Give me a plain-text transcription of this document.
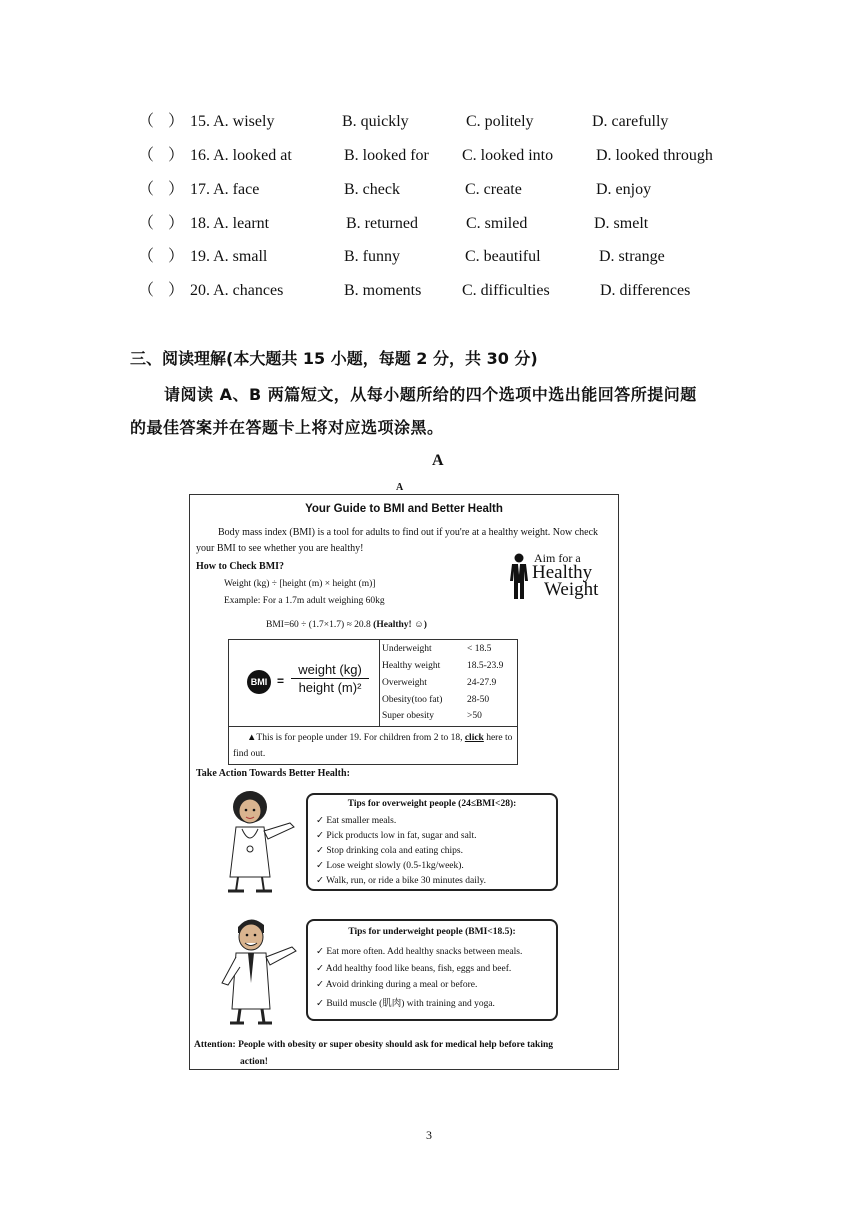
（ ） 15. A. wisely	B. quickly	C. politely	D. carefully
（ ） 16. A. looked at	B. looked for C. looked into	D. looked through
（ ） 17. A. face	B. check	C. create	D. enjoy
（ ） 18. A. learnt	B. returned	C. smiled	D. smelt
（ ） 19. A. small	B. funny	C. beautiful	D. strange
（ ） 20. A. chances	B. moments	C. difficulties	D. differences
三、阅读理解(本大题共 15 小题，每题 2 分，共 30 分)
请阅读 A、B 两篇短文，从每小题所给的四个选项中选出能回答所提问题
的最佳答案并在答题卡上将对应选项涂黑。
A
A
Your Guide to BMI and Better Health
Body mass index (BMI) is a tool for adults to find out if you're at a healthy weight. Now check your BMI to see whether you are healthy!
How to Check BMI?
Weight (kg) ÷ [height (m) × height (m)]
Example: For a 1.7m adult weighing 60kg
BMI=60 ÷ (1.7×1.7) ≈ 20.8 (Healthy! ☺)
Aim for a
Healthy
Weight
BMI =
weight (kg)
height (m)²
Underweight	< 18.5
Healthy weight	18.5-23.9
Overweight	24-27.9
Obesity(too fat)	28-50
Super obesity	>50
▲This is for people under 19. For children from 2 to 18, click here to find out.
Take Action Towards Better Health:
Tips for overweight people (24≤BMI<28):
✓ Eat smaller meals.
✓ Pick products low in fat, sugar and salt.
✓ Stop drinking cola and eating chips.
✓ Lose weight slowly (0.5-1kg/week).
✓ Walk, run, or ride a bike 30 minutes daily.
Tips for underweight people (BMI<18.5):
✓ Eat more often. Add healthy snacks between meals.
✓ Add healthy food like beans, fish, eggs and beef.
✓ Avoid drinking during a meal or before.
✓ Build muscle (肌肉) with training and yoga.
Attention: People with obesity or super obesity should ask for medical help before taking
action!
3
